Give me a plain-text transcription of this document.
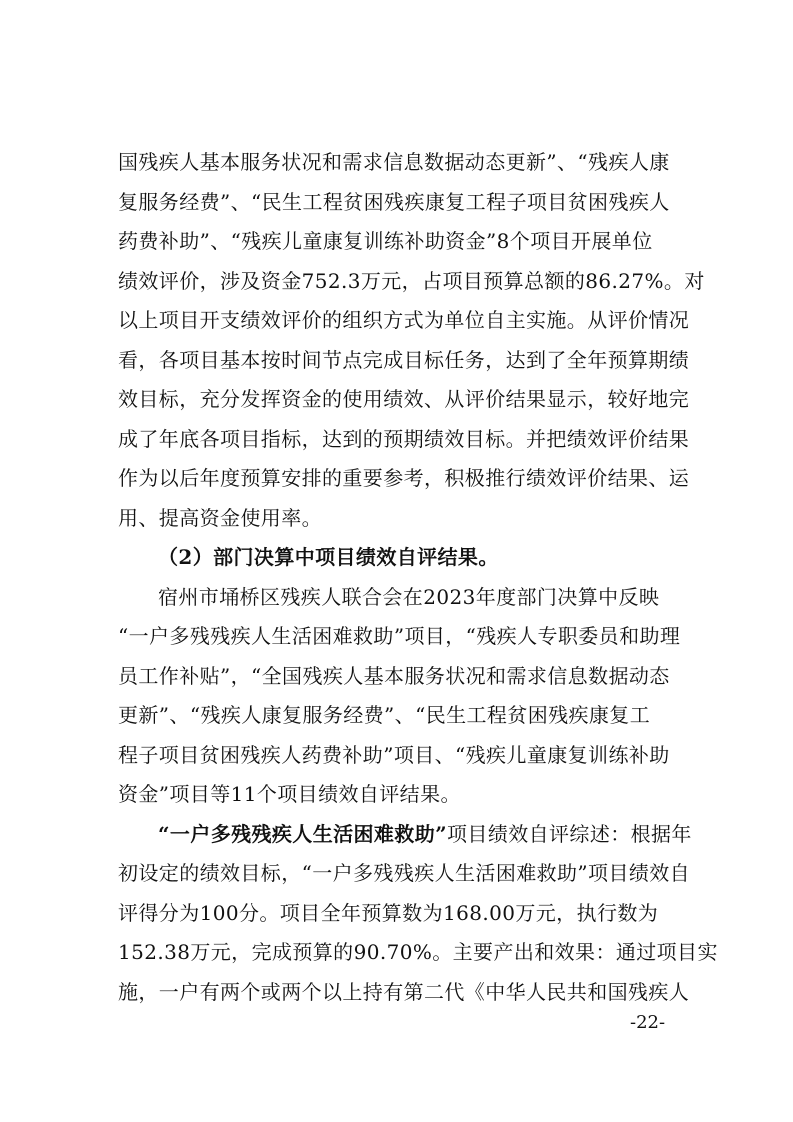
国残疾人基本服务状况和需求信息数据动态更新”、“残疾人康
复服务经费”、“民生工程贫困残疾康复工程子项目贫困残疾人
药费补助”、“残疾儿童康复训练补助资金”8个项目开展单位
绩效评价，涉及资金752.3万元，占项目预算总额的86.27%。对
以上项目开支绩效评价的组织方式为单位自主实施。从评价情况
看，各项目基本按时间节点完成目标任务，达到了全年预算期绩
效目标，充分发挥资金的使用绩效、从评价结果显示，较好地完
成了年底各项目指标，达到的预期绩效目标。并把绩效评价结果
作为以后年度预算安排的重要参考，积极推行绩效评价结果、运
用、提高资金使用率。
（2）部门决算中项目绩效自评结果。
宿州市埇桥区残疾人联合会在2023年度部门决算中反映
“一户多残残疾人生活困难救助”项目，“残疾人专职委员和助理
员工作补贴”，“全国残疾人基本服务状况和需求信息数据动态
更新”、“残疾人康复服务经费”、“民生工程贫困残疾康复工
程子项目贫困残疾人药费补助”项目、“残疾儿童康复训练补助
资金”项目等11个项目绩效自评结果。
“一户多残残疾人生活困难救助”项目绩效自评综述：根据年
初设定的绩效目标，“一户多残残疾人生活困难救助”项目绩效自
评得分为100分。项目全年预算数为168.00万元，执行数为
152.38万元，完成预算的90.70%。主要产出和效果：通过项目实
施，一户有两个或两个以上持有第二代《中华人民共和国残疾人
-22-
